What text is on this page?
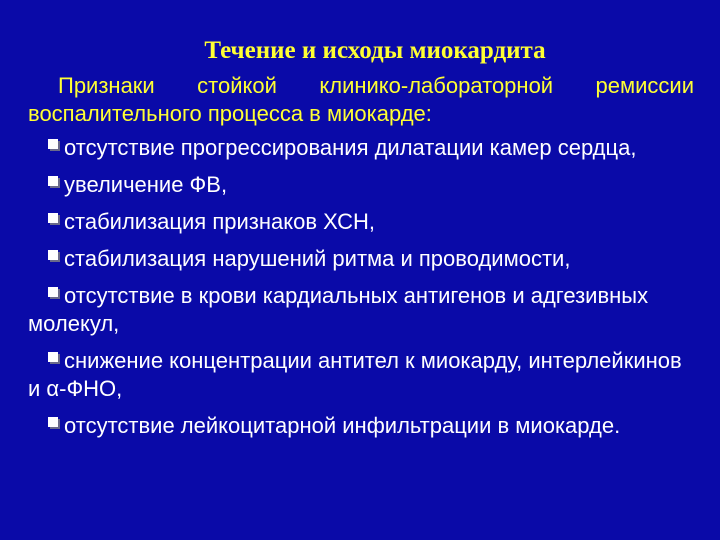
Течение и исходы миокардита

Признаки стойкой клинико-лабораторной ремиссии воспалительного процесса в миокарде:

отсутствие прогрессирования дилатации камер сердца,
увеличение ФВ,
стабилизация признаков ХСН,
стабилизация нарушений ритма и проводимости,
отсутствие в крови кардиальных антигенов и адгезивных молекул,
снижение концентрации антител к миокарду, интерлейкинов и α-ФНО,
отсутствие лейкоцитарной инфильтрации в миокарде.
